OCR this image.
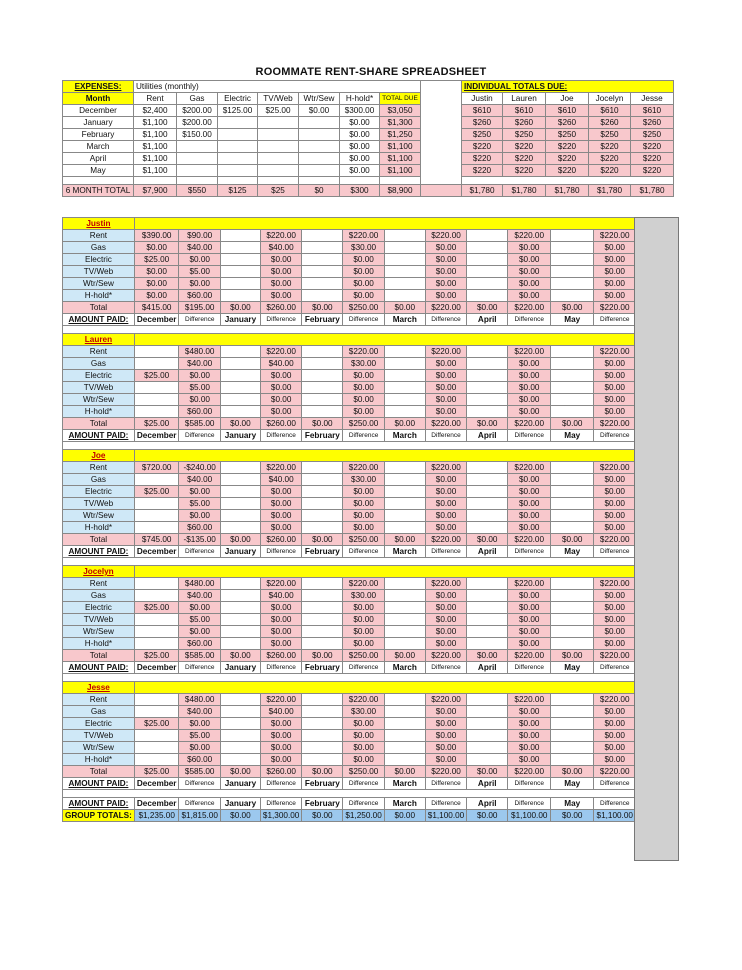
ROOMMATE RENT-SHARE SPREADSHEET
EXPENSES:	Utilities (monthly)								INDIVIDUAL TOTALS DUE:				
Month	Rent	Gas	Electric	TV/Web	Wtr/Sew	H-hold*	TOTAL DUE		Justin	Lauren	Joe	Jocelyn	Jesse
December	$2,400	$200.00	$125.00	$25.00	$0.00	$300.00	$3,050		$610	$610	$610	$610	$610
January	$1,100	$200.00				$0.00	$1,300		$260	$260	$260	$260	$260
February	$1,100	$150.00				$0.00	$1,250		$250	$250	$250	$250	$250
March	$1,100					$0.00	$1,100		$220	$220	$220	$220	$220
April	$1,100					$0.00	$1,100		$220	$220	$220	$220	$220
May	$1,100					$0.00	$1,100		$220	$220	$220	$220	$220

6 MONTH TOTAL	$7,900	$550	$125	$25	$0	$300	$8,900		$1,780	$1,780	$1,780	$1,780	$1,780
Justin												
Rent	$390.00	$90.00		$220.00		$220.00		$220.00		$220.00		$220.00
Gas	$0.00	$40.00		$40.00		$30.00		$0.00		$0.00		$0.00
Electric	$25.00	$0.00		$0.00		$0.00		$0.00		$0.00		$0.00
TV/Web	$0.00	$5.00		$0.00		$0.00		$0.00		$0.00		$0.00
Wtr/Sew	$0.00	$0.00		$0.00		$0.00		$0.00		$0.00		$0.00
H-hold*	$0.00	$60.00		$0.00		$0.00		$0.00		$0.00		$0.00
Total	$415.00	$195.00	$0.00	$260.00	$0.00	$250.00	$0.00	$220.00	$0.00	$220.00	$0.00	$220.00
AMOUNT PAID:	December	Difference	January	Difference	February	Difference	March	Difference	April	Difference	May	Difference

Lauren												
Rent		$480.00		$220.00		$220.00		$220.00		$220.00		$220.00
Gas		$40.00		$40.00		$30.00		$0.00		$0.00		$0.00
Electric	$25.00	$0.00		$0.00		$0.00		$0.00		$0.00		$0.00
TV/Web		$5.00		$0.00		$0.00		$0.00		$0.00		$0.00
Wtr/Sew		$0.00		$0.00		$0.00		$0.00		$0.00		$0.00
H-hold*		$60.00		$0.00		$0.00		$0.00		$0.00		$0.00
Total	$25.00	$585.00	$0.00	$260.00	$0.00	$250.00	$0.00	$220.00	$0.00	$220.00	$0.00	$220.00
AMOUNT PAID:	December	Difference	January	Difference	February	Difference	March	Difference	April	Difference	May	Difference

Joe												
Rent	$720.00	-$240.00		$220.00		$220.00		$220.00		$220.00		$220.00
Gas		$40.00		$40.00		$30.00		$0.00		$0.00		$0.00
Electric	$25.00	$0.00		$0.00		$0.00		$0.00		$0.00		$0.00
TV/Web		$5.00		$0.00		$0.00		$0.00		$0.00		$0.00
Wtr/Sew		$0.00		$0.00		$0.00		$0.00		$0.00		$0.00
H-hold*		$60.00		$0.00		$0.00		$0.00		$0.00		$0.00
Total	$745.00	-$135.00	$0.00	$260.00	$0.00	$250.00	$0.00	$220.00	$0.00	$220.00	$0.00	$220.00
AMOUNT PAID:	December	Difference	January	Difference	February	Difference	March	Difference	April	Difference	May	Difference

Jocelyn												
Rent		$480.00		$220.00		$220.00		$220.00		$220.00		$220.00
Gas		$40.00		$40.00		$30.00		$0.00		$0.00		$0.00
Electric	$25.00	$0.00		$0.00		$0.00		$0.00		$0.00		$0.00
TV/Web		$5.00		$0.00		$0.00		$0.00		$0.00		$0.00
Wtr/Sew		$0.00		$0.00		$0.00		$0.00		$0.00		$0.00
H-hold*		$60.00		$0.00		$0.00		$0.00		$0.00		$0.00
Total	$25.00	$585.00	$0.00	$260.00	$0.00	$250.00	$0.00	$220.00	$0.00	$220.00	$0.00	$220.00
AMOUNT PAID:	December	Difference	January	Difference	February	Difference	March	Difference	April	Difference	May	Difference

Jesse												
Rent		$480.00		$220.00		$220.00		$220.00		$220.00		$220.00
Gas		$40.00		$40.00		$30.00		$0.00		$0.00		$0.00
Electric	$25.00	$0.00		$0.00		$0.00		$0.00		$0.00		$0.00
TV/Web		$5.00		$0.00		$0.00		$0.00		$0.00		$0.00
Wtr/Sew		$0.00		$0.00		$0.00		$0.00		$0.00		$0.00
H-hold*		$60.00		$0.00		$0.00		$0.00		$0.00		$0.00
Total	$25.00	$585.00	$0.00	$260.00	$0.00	$250.00	$0.00	$220.00	$0.00	$220.00	$0.00	$220.00
AMOUNT PAID:	December	Difference	January	Difference	February	Difference	March	Difference	April	Difference	May	Difference

AMOUNT PAID:	December	Difference	January	Difference	February	Difference	March	Difference	April	Difference	May	Difference
GROUP TOTALS:	$1,235.00	$1,815.00	$0.00	$1,300.00	$0.00	$1,250.00	$0.00	$1,100.00	$0.00	$1,100.00	$0.00	$1,100.00
